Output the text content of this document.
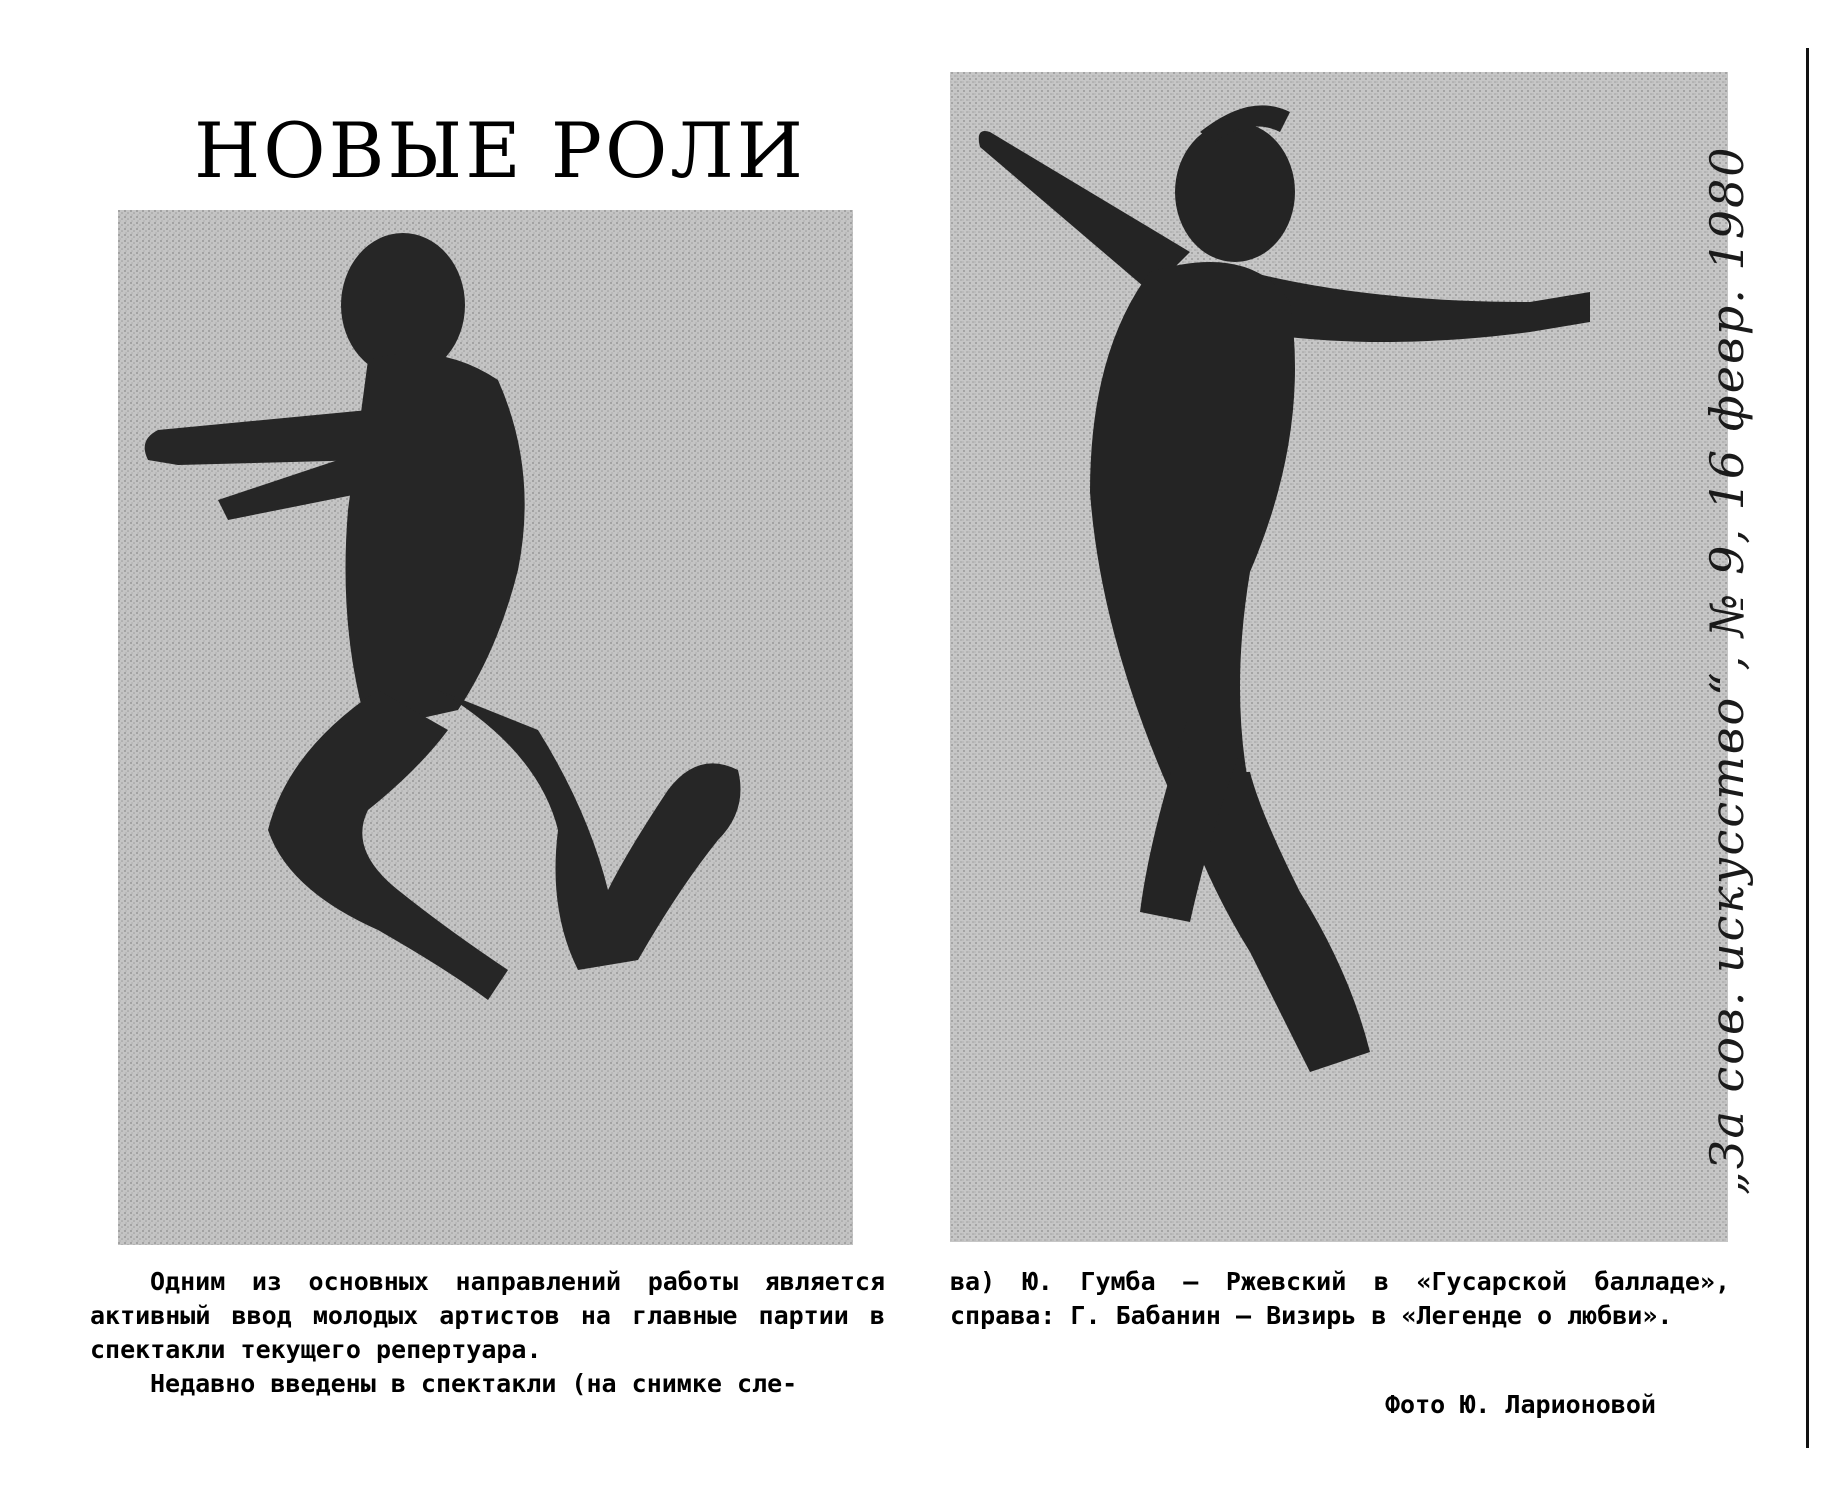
НОВЫЕ РОЛИ

Одним из основных направлений работы является активный ввод молодых артистов на главные партии в спектакли текущего репертуара.

Недавно введены в спектакли (на снимке сле-

ва) Ю. Гумба — Ржевский в «Гусарской балладе», справа: Г. Бабанин — Визирь в «Легенде о любви».

Фото Ю. Ларионовой
„За сов. искусство“, № 9, 16 февр. 1980
